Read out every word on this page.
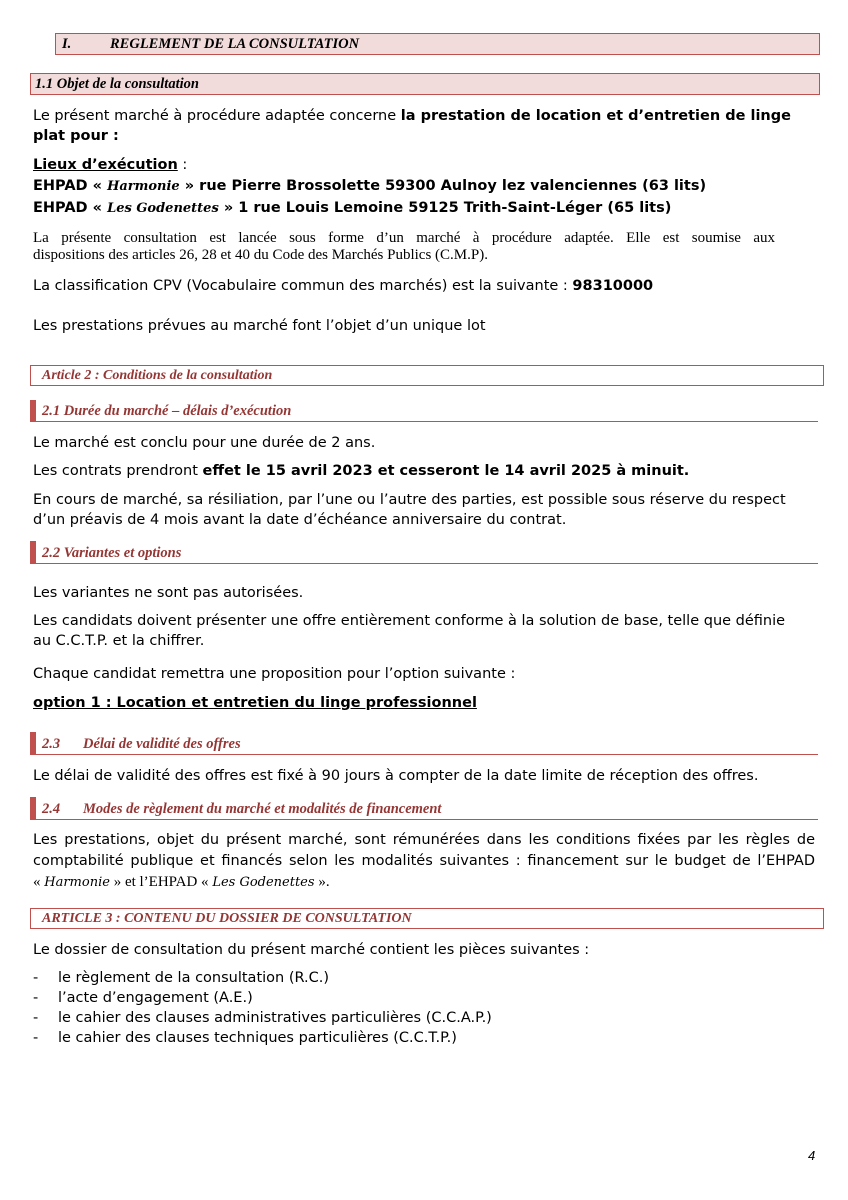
I.	REGLEMENT DE LA CONSULTATION
1.1 Objet de la consultation

Le présent marché à procédure adaptée concerne la prestation de location et d’entretien de linge

plat pour :

Lieux d’exécution :

EHPAD « Harmonie » rue Pierre Brossolette 59300 Aulnoy lez valenciennes (63 lits)

EHPAD « Les Godenettes » 1 rue Louis Lemoine 59125 Trith-Saint-Léger (65 lits)

La présente consultation est lancée sous forme d’un marché à procédure adaptée. Elle est soumise aux

dispositions des articles 26, 28 et 40 du Code des Marchés Publics (C.M.P).

La classification CPV (Vocabulaire commun des marchés) est la suivante : 98310000

Les prestations prévues au marché font l’objet d’un unique lot

Article 2 : Conditions de la consultation
2.1 Durée du marché – délais d’exécution

Le marché est conclu pour une durée de 2 ans.

Les contrats prendront effet le 15 avril 2023 et cesseront le 14 avril 2025 à minuit.

En cours de marché, sa résiliation, par l’une ou l’autre des parties, est possible sous réserve du respect

d’un préavis de 4 mois avant la date d’échéance anniversaire du contrat.

2.2 Variantes et options

Les variantes ne sont pas autorisées.

Les candidats doivent présenter une offre entièrement conforme à la solution de base, telle que définie

au C.C.T.P. et la chiffrer.

Chaque candidat remettra une proposition pour l’option suivante :

option 1 : Location et entretien du linge professionnel

2.3 Délai de validité des offres

Le délai de validité des offres est fixé à 90 jours à compter de la date limite de réception des offres.

2.4 Modes de règlement du marché et modalités de financement

Les prestations, objet du présent marché, sont rémunérées dans les conditions fixées par les règles de

comptabilité publique et financés selon les modalités suivantes : financement sur le budget de l’EHPAD

« Harmonie » et l’EHPAD « Les Godenettes ».

ARTICLE 3 : CONTENU DU DOSSIER DE CONSULTATION

Le dossier de consultation du présent marché contient les pièces suivantes :

- le règlement de la consultation (R.C.)
- l’acte d’engagement (A.E.)
- le cahier des clauses administratives particulières (C.C.A.P.)
- le cahier des clauses techniques particulières (C.C.T.P.)
4
